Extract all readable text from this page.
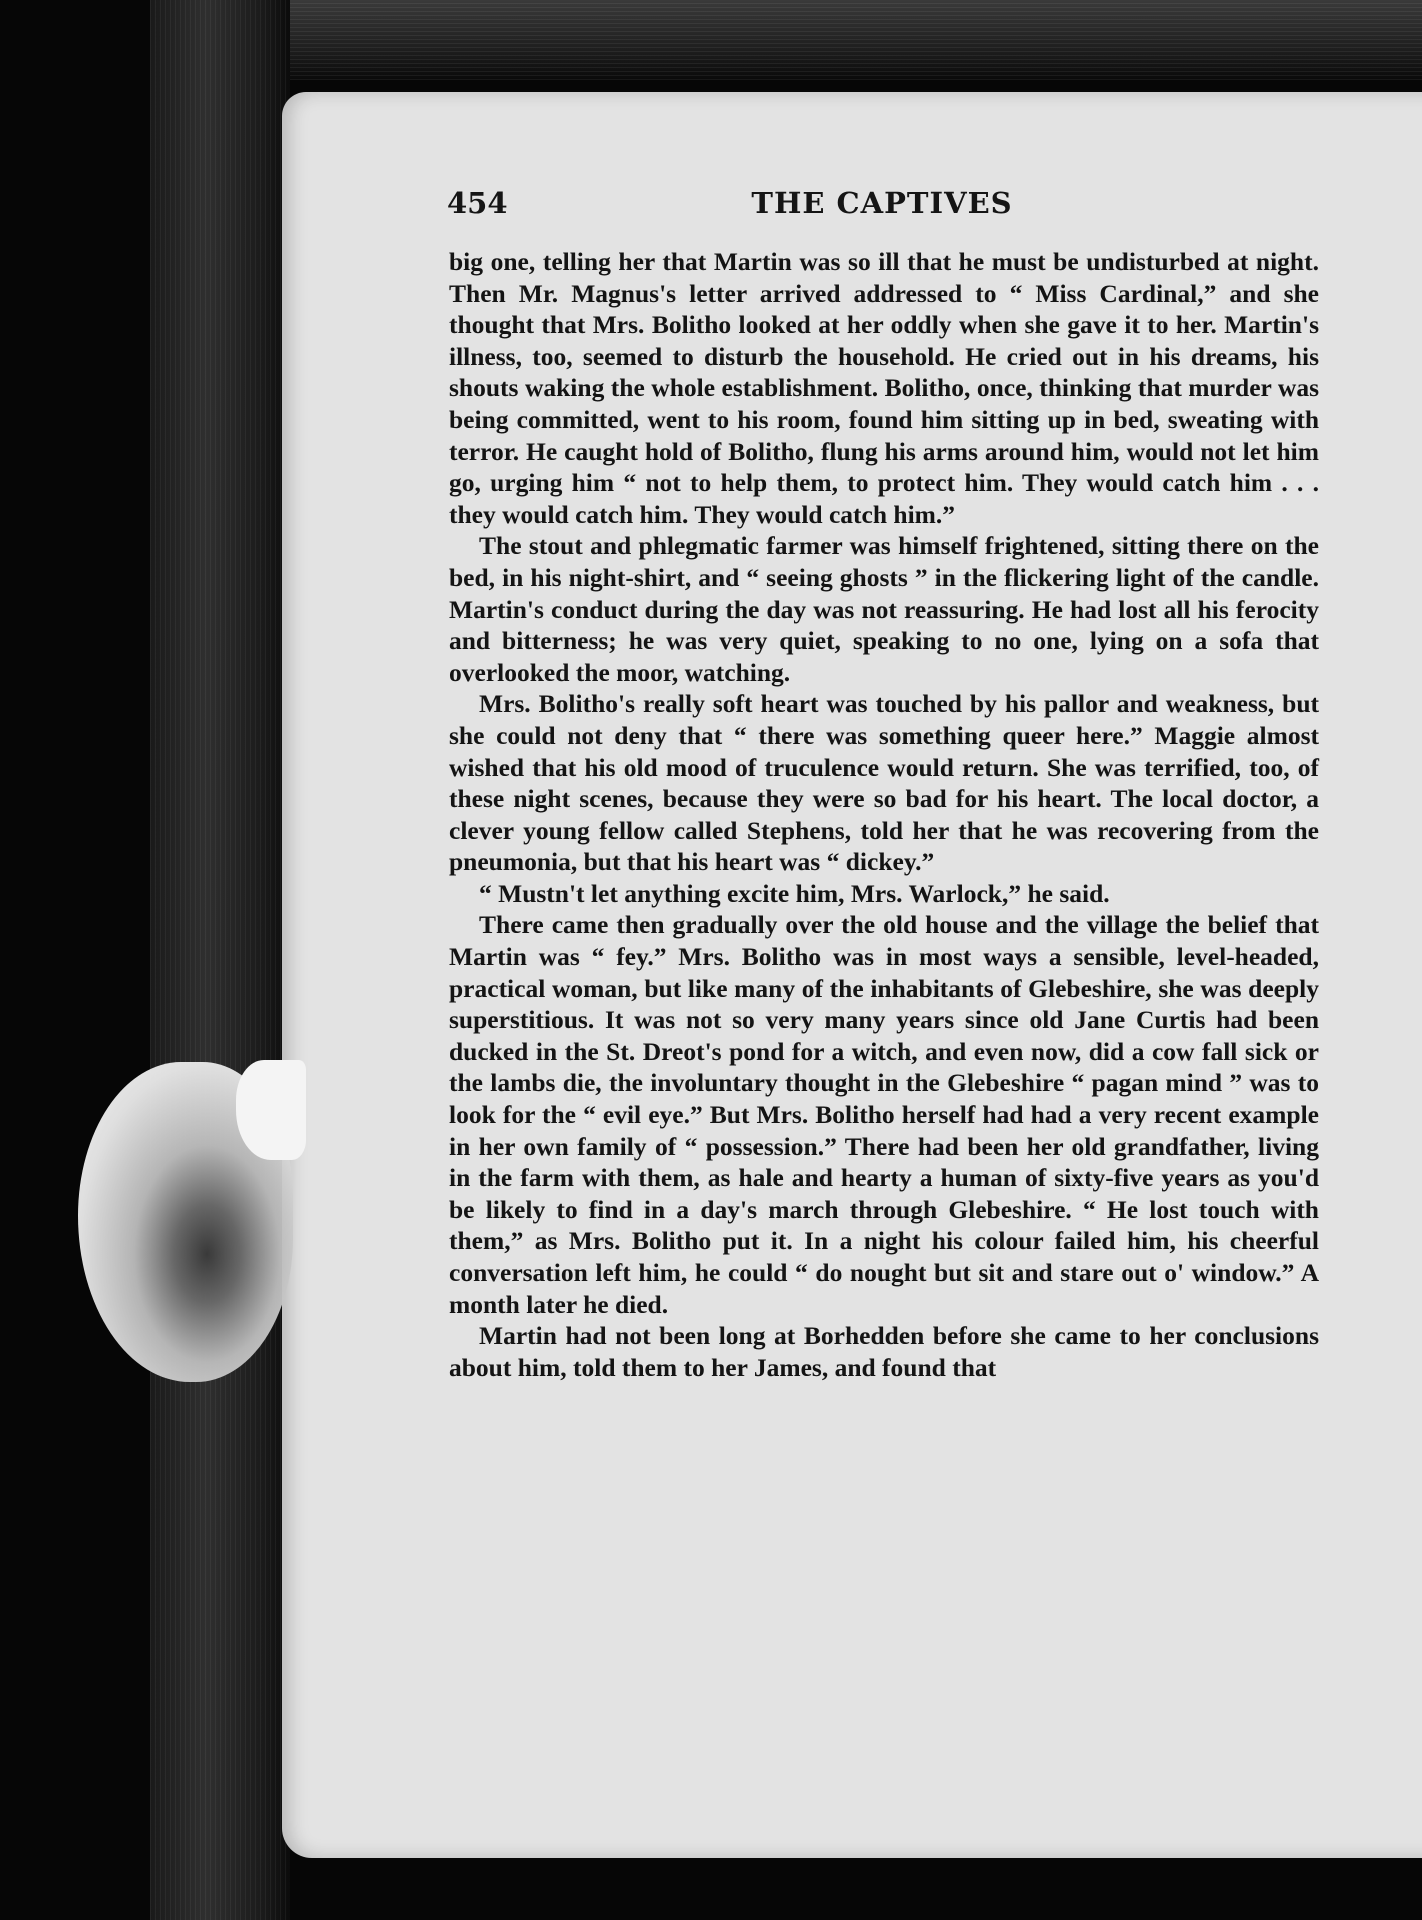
454	THE CAPTIVES

big one, telling her that Martin was so ill that he must be undisturbed at night. Then Mr. Magnus's letter arrived addressed to “ Miss Cardinal,” and she thought that Mrs. Bolitho looked at her oddly when she gave it to her. Martin's illness, too, seemed to disturb the household. He cried out in his dreams, his shouts waking the whole establishment. Bolitho, once, thinking that murder was being committed, went to his room, found him sitting up in bed, sweating with terror. He caught hold of Bolitho, flung his arms around him, would not let him go, urging him “ not to help them, to protect him. They would catch him . . . they would catch him. They would catch him.”

The stout and phlegmatic farmer was himself frightened, sitting there on the bed, in his night-shirt, and “ seeing ghosts ” in the flickering light of the candle. Martin's conduct during the day was not reassuring. He had lost all his ferocity and bitterness; he was very quiet, speaking to no one, lying on a sofa that overlooked the moor, watching.

Mrs. Bolitho's really soft heart was touched by his pallor and weakness, but she could not deny that “ there was something queer here.” Maggie almost wished that his old mood of truculence would return. She was terrified, too, of these night scenes, because they were so bad for his heart. The local doctor, a clever young fellow called Stephens, told her that he was recovering from the pneumonia, but that his heart was “ dickey.”

“ Mustn't let anything excite him, Mrs. Warlock,” he said.

There came then gradually over the old house and the village the belief that Martin was “ fey.” Mrs. Bolitho was in most ways a sensible, level-headed, practical woman, but like many of the inhabitants of Glebeshire, she was deeply superstitious. It was not so very many years since old Jane Curtis had been ducked in the St. Dreot's pond for a witch, and even now, did a cow fall sick or the lambs die, the involuntary thought in the Glebeshire “ pagan mind ” was to look for the “ evil eye.” But Mrs. Bolitho herself had had a very recent example in her own family of “ possession.” There had been her old grandfather, living in the farm with them, as hale and hearty a human of sixty-five years as you'd be likely to find in a day's march through Glebeshire. “ He lost touch with them,” as Mrs. Bolitho put it. In a night his colour failed him, his cheerful conversation left him, he could “ do nought but sit and stare out o' window.” A month later he died.

Martin had not been long at Borhedden before she came to her conclusions about him, told them to her James, and found that
